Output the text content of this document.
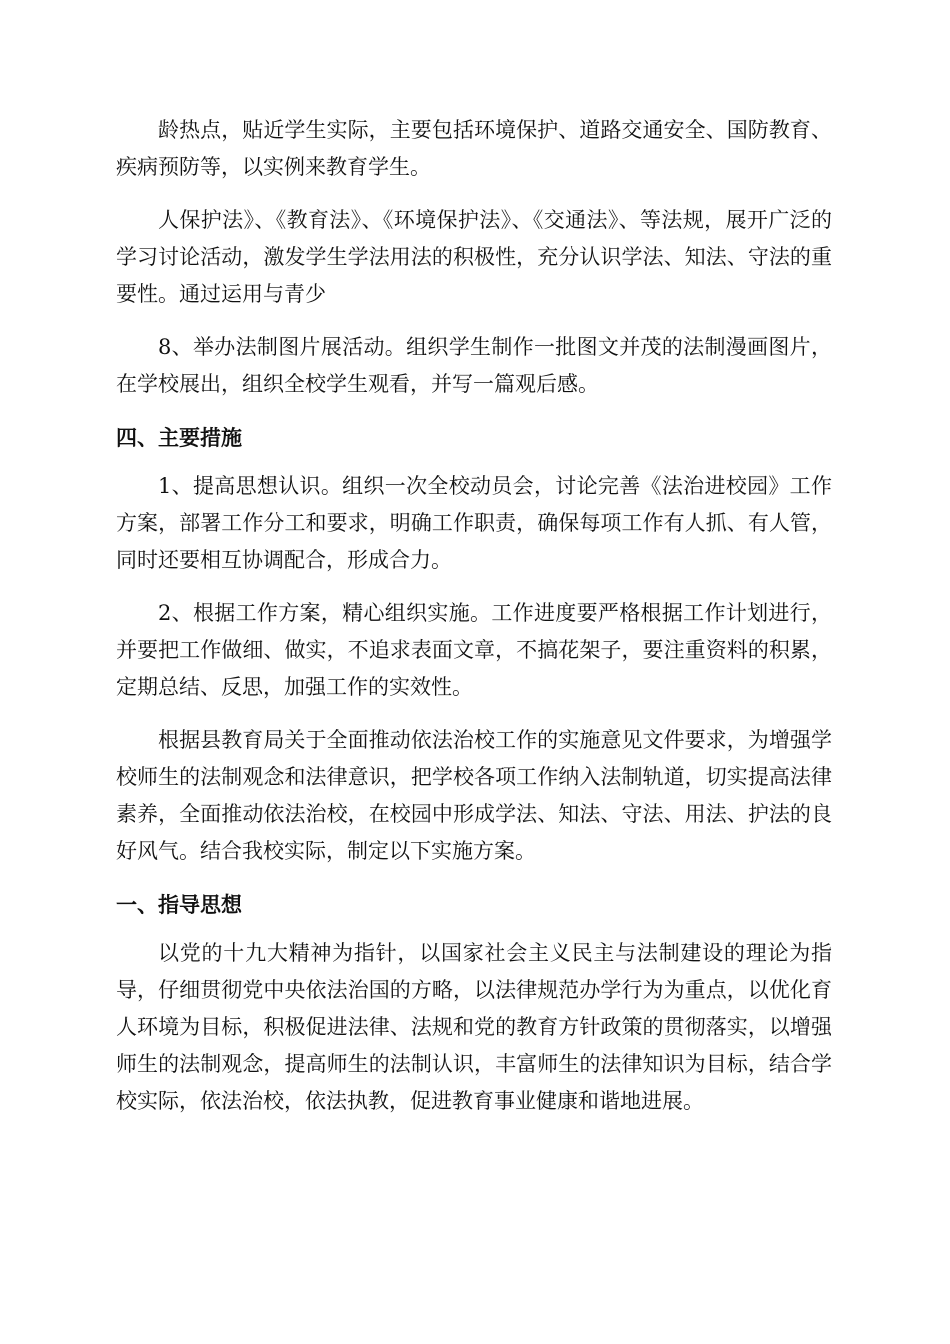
龄热点，贴近学生实际，主要包括环境保护、道路交通安全、国防教育、疾病预防等，以实例来教育学生。

人保护法》、《教育法》、《环境保护法》、《交通法》、等法规，展开广泛的学习讨论活动，激发学生学法用法的积极性，充分认识学法、知法、守法的重要性。通过运用与青少

8、举办法制图片展活动。组织学生制作一批图文并茂的法制漫画图片，在学校展出，组织全校学生观看，并写一篇观后感。

四、主要措施

1、提高思想认识。组织一次全校动员会，讨论完善《法治进校园》工作方案，部署工作分工和要求，明确工作职责，确保每项工作有人抓、有人管，同时还要相互协调配合，形成合力。

2、根据工作方案，精心组织实施。工作进度要严格根据工作计划进行，并要把工作做细、做实，不追求表面文章，不搞花架子，要注重资料的积累，定期总结、反思，加强工作的实效性。

根据县教育局关于全面推动依法治校工作的实施意见文件要求，为增强学校师生的法制观念和法律意识，把学校各项工作纳入法制轨道，切实提高法律素养，全面推动依法治校，在校园中形成学法、知法、守法、用法、护法的良好风气。结合我校实际，制定以下实施方案。

一、指导思想

以党的十九大精神为指针，以国家社会主义民主与法制建设的理论为指导，仔细贯彻党中央依法治国的方略，以法律规范办学行为为重点，以优化育人环境为目标，积极促进法律、法规和党的教育方针政策的贯彻落实，以增强师生的法制观念，提高师生的法制认识，丰富师生的法律知识为目标，结合学校实际，依法治校，依法执教，促进教育事业健康和谐地进展。
